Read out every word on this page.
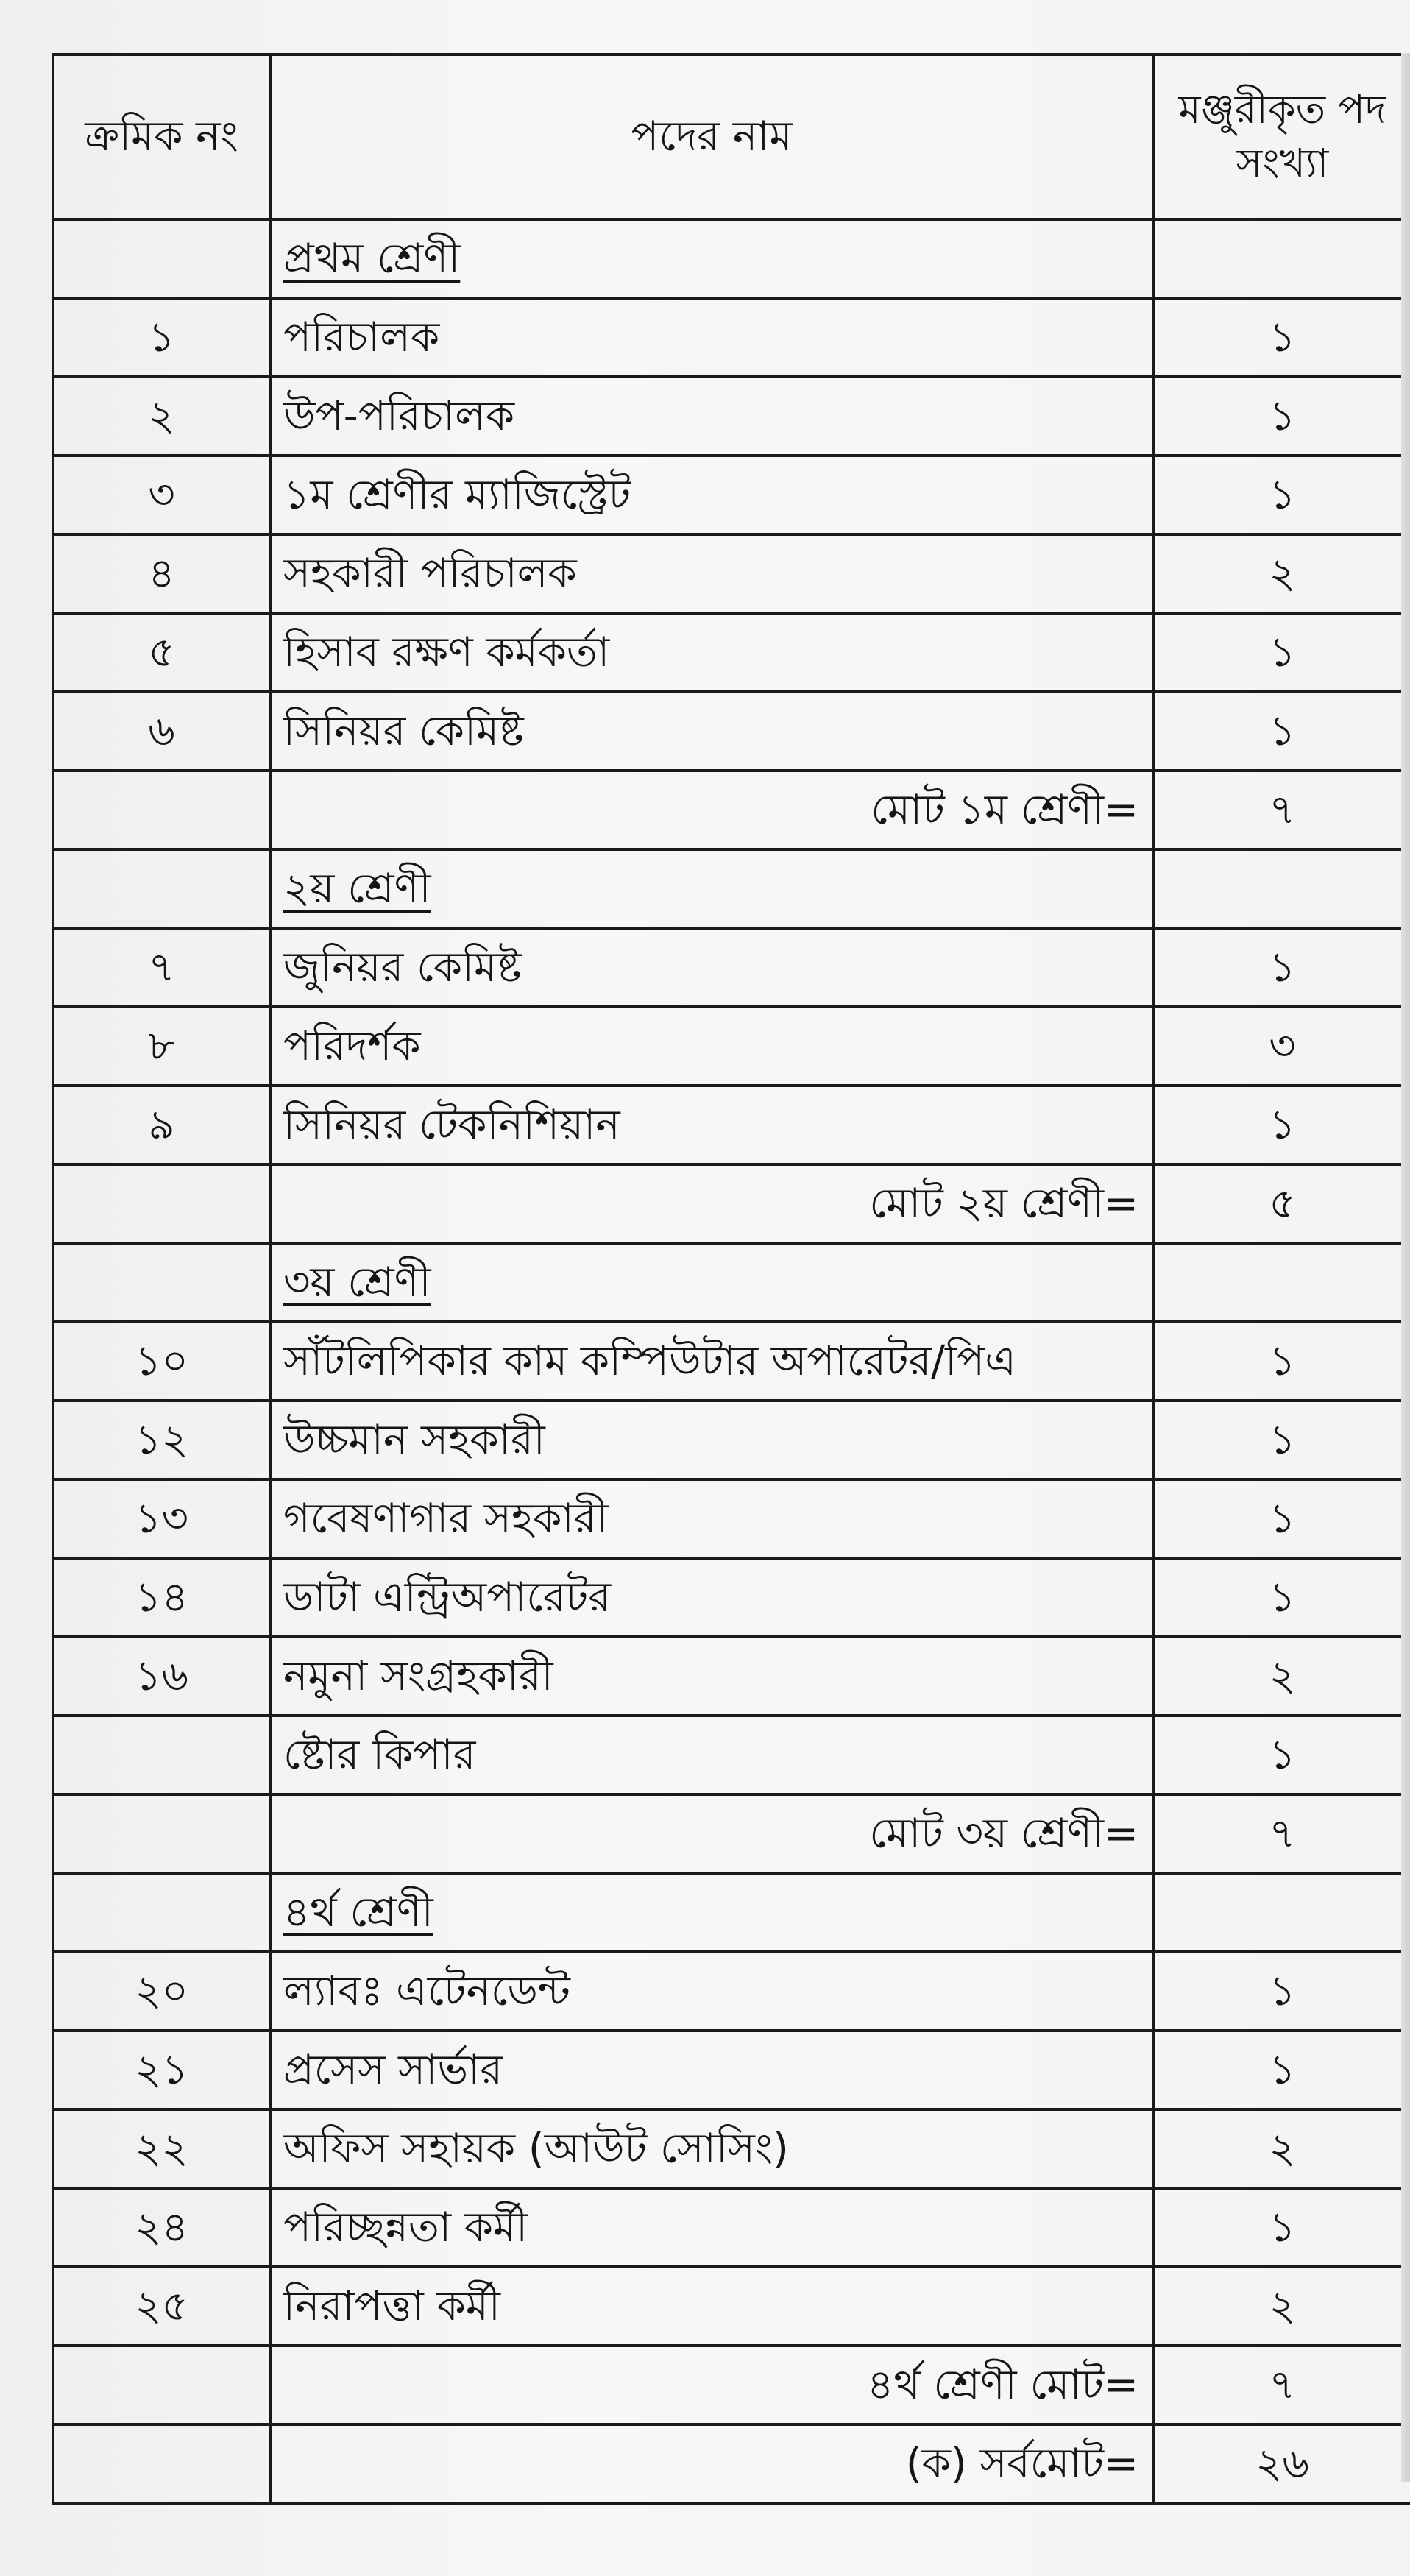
ক্রমিক নং	পদের নাম	মঞ্জুরীকৃত পদ সংখ্যা
	প্রথম শ্রেণী	
১	পরিচালক	১
২	উপ-পরিচালক	১
৩	১ম শ্রেণীর ম্যাজিস্ট্রেট	১
৪	সহকারী পরিচালক	২
৫	হিসাব রক্ষণ কর্মকর্তা	১
৬	সিনিয়র কেমিষ্ট	১
	মোট ১ম শ্রেণী=	৭
	২য় শ্রেণী	
৭	জুনিয়র কেমিষ্ট	১
৮	পরিদর্শক	৩
৯	সিনিয়র টেকনিশিয়ান	১
	মোট ২য় শ্রেণী=	৫
	৩য় শ্রেণী	
১০	সাঁটলিপিকার কাম কম্পিউটার অপারেটর/পিএ	১
১২	উচ্চমান সহকারী	১
১৩	গবেষণাগার সহকারী	১
১৪	ডাটা এন্ট্রিঅপারেটর	১
১৬	নমুনা সংগ্রহকারী	২
	ষ্টোর কিপার	১
	মোট ৩য় শ্রেণী=	৭
	৪র্থ শ্রেণী	
২০	ল্যাবঃ এটেনডেন্ট	১
২১	প্রসেস সার্ভার	১
২২	অফিস সহায়ক (আউট সোসিং)	২
২৪	পরিচ্ছন্নতা কর্মী	১
২৫	নিরাপত্তা কর্মী	২
	৪র্থ শ্রেণী মোট=	৭
	(ক) সর্বমোট=	২৬
